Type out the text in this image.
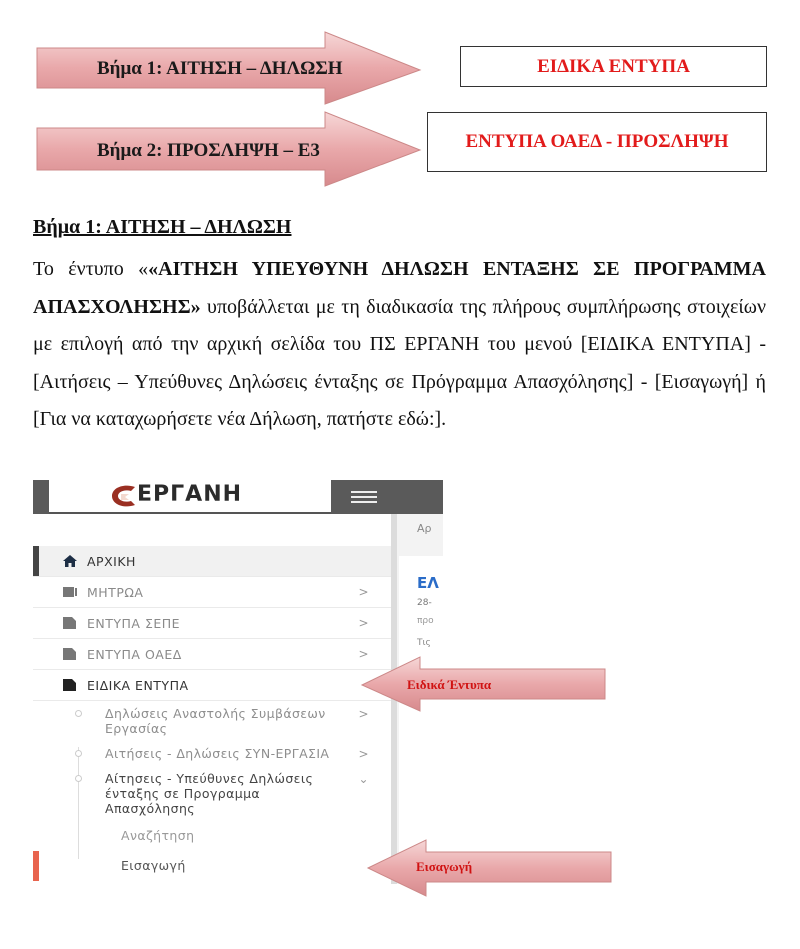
Βήμα 1: ΑΙΤΗΣΗ – ΔΗΛΩΣΗ	ΕΙΔΙΚΑ ΕΝΤΥΠΑ
Βήμα 2: ΠΡΟΣΛΗΨΗ – Ε3	ΕΝΤΥΠΑ ΟΑΕΔ - ΠΡΟΣΛΗΨΗ
Βήμα 1: ΑΙΤΗΣΗ – ΔΗΛΩΣΗ
Το έντυπο ««ΑΙΤΗΣΗ ΥΠΕΥΘΥΝΗ ΔΗΛΩΣΗ ΕΝΤΑΞΗΣ ΣΕ ΠΡΟΓΡΑΜΜΑ ΑΠΑΣΧΟΛΗΣΗΣ» υποβάλλεται με τη διαδικασία της πλήρους συμπλήρωσης στοιχείων με επιλογή από την αρχική σελίδα του ΠΣ ΕΡΓΑΝΗ του μενού [ΕΙΔΙΚΑ ΕΝΤΥΠΑ] - [Αιτήσεις – Υπεύθυνες Δηλώσεις ένταξης σε Πρόγραμμα Απασχόλησης] - [Εισαγωγή] ή [Για να καταχωρήσετε νέα Δήλωση, πατήστε εδώ:].
ΕΡΓΑΝΗ
ΑΡΧΙΚΗ
ΜΗΤΡΩΑ	>
ΕΝΤΥΠΑ ΣΕΠΕ	>
ΕΝΤΥΠΑ ΟΑΕΔ	>
ΕΙΔΙΚΑ ΕΝΤΥΠΑ
Δηλώσεις Αναστολής Συμβάσεων Εργασίας
>
Αιτήσεις - Δηλώσεις ΣΥΝ-ΕΡΓΑΣΙΑ >
Αίτησεις - Υπεύθυνες Δηλώσεις ένταξης σε Προγραμμα Απασχόλησης
⌄
Αναζήτηση
Εισαγωγή
Αρ
ΕΛ
28-
προ
Τις
Ειδικά Έντυπα
Εισαγωγή
